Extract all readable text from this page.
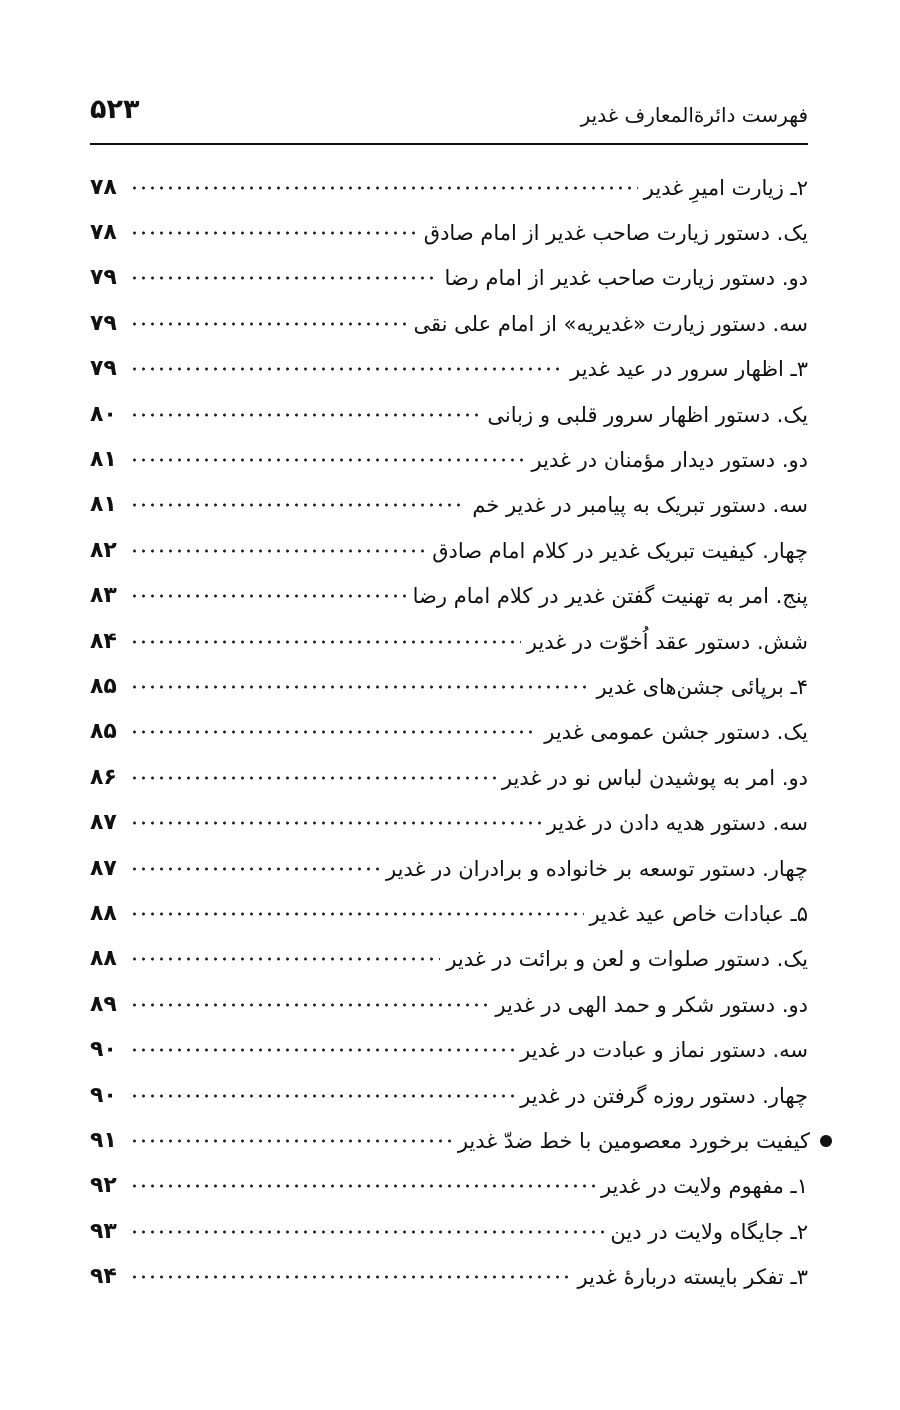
فهرست دائرةالمعارف غدیر
۵۲۳
۲ـ زیارت امیرِ غدیر
۷۸
یک. دستور زیارت صاحب غدیر از امام صادق
۷۸
دو. دستور زیارت صاحب غدیر از امام رضا
۷۹
سه. دستور زیارت «غدیریه» از امام علی نقی
۷۹
۳ـ اظهار سرور در عید غدیر
۷۹
یک. دستور اظهار سرور قلبی و زبانی
۸۰
دو. دستور دیدار مؤمنان در غدیر
۸۱
سه. دستور تبریک به پیامبر در غدیر خم
۸۱
چهار. کیفیت تبریک غدیر در کلام امام صادق
۸۲
پنج. امر به تهنیت گفتن غدیر در کلام امام رضا
۸۳
شش. دستور عقد اُخوّت در غدیر
۸۴
۴ـ برپائی جشن‌های غدیر
۸۵
یک. دستور جشن عمومی غدیر
۸۵
دو. امر به پوشیدن لباس نو در غدیر
۸۶
سه. دستور هدیه دادن در غدیر
۸۷
چهار. دستور توسعه بر خانواده و برادران در غدیر
۸۷
۵ـ عبادات خاص عید غدیر
۸۸
یک. دستور صلوات و لعن و برائت در غدیر
۸۸
دو. دستور شکر و حمد الهی در غدیر
۸۹
سه. دستور نماز و عبادت در غدیر
۹۰
چهار. دستور روزه گرفتن در غدیر
۹۰
کیفیت برخورد معصومین با خط ضدّ غدیر
۹۱
۱ـ مفهوم ولایت در غدیر
۹۲
۲ـ جایگاه ولایت در دین
۹۳
۳ـ تفکر بایسته دربارهٔ غدیر
۹۴
